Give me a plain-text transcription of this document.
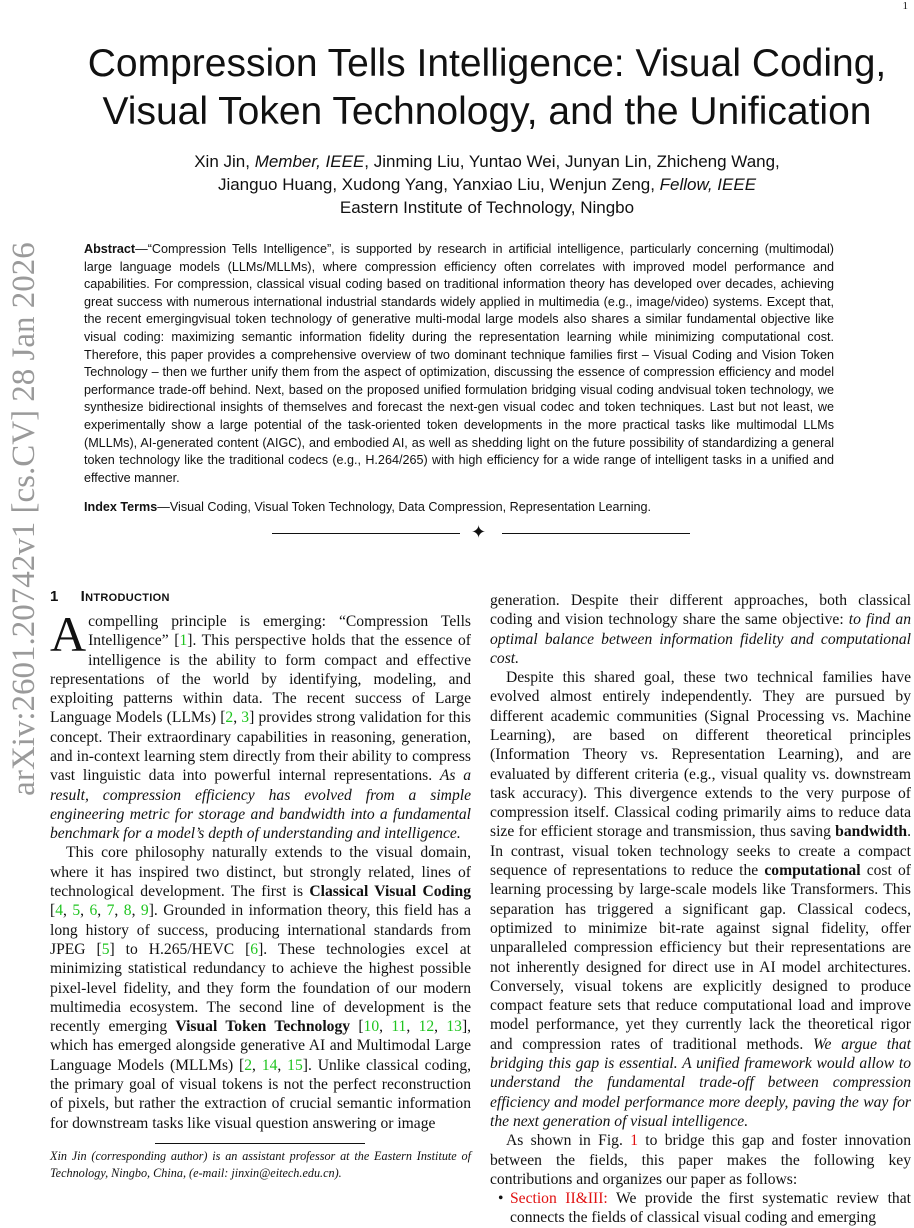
1
arXiv:2601.20742v1 [cs.CV] 28 Jan 2026
Compression Tells Intelligence: Visual Coding,
Visual Token Technology, and the Unification
Xin Jin, Member, IEEE, Jinming Liu, Yuntao Wei, Junyan Lin, Zhicheng Wang,
Jianguo Huang, Xudong Yang, Yanxiao Liu, Wenjun Zeng, Fellow, IEEE
Eastern Institute of Technology, Ningbo
Abstract—“Compression Tells Intelligence”, is supported by research in artificial intelligence, particularly concerning (multimodal) large language models (LLMs/MLLMs), where compression efficiency often correlates with improved model performance and capabilities. For compression, classical visual coding based on traditional information theory has developed over decades, achieving great success with numerous international industrial standards widely applied in multimedia (e.g., image/video) systems. Except that, the recent emergingvisual token technology of generative multi-modal large models also shares a similar fundamental objective like visual coding: maximizing semantic information fidelity during the representation learning while minimizing computational cost. Therefore, this paper provides a comprehensive overview of two dominant technique families first – Visual Coding and Vision Token Technology – then we further unify them from the aspect of optimization, discussing the essence of compression efficiency and model performance trade-off behind. Next, based on the proposed unified formulation bridging visual coding andvisual token technology, we synthesize bidirectional insights of themselves and forecast the next-gen visual codec and token techniques. Last but not least, we experimentally show a large potential of the task-oriented token developments in the more practical tasks like multimodal LLMs (MLLMs), AI-generated content (AIGC), and embodied AI, as well as shedding light on the future possibility of standardizing a general token technology like the traditional codecs (e.g., H.264/265) with high efficiency for a wide range of intelligent tasks in a unified and effective manner.
Index Terms—Visual Coding, Visual Token Technology, Data Compression, Representation Learning.
✦
1 Introduction

Acompelling principle is emerging: “Compression Tells Intelligence” [1]. This perspective holds that the essence of intelligence is the ability to form compact and effective representations of the world by identifying, modeling, and exploiting patterns within data. The recent success of Large Language Models (LLMs) [2, 3] provides strong validation for this concept. Their extraordinary capabilities in reasoning, generation, and in-context learning stem directly from their ability to compress vast linguistic data into powerful internal representations. As a result, compression efficiency has evolved from a simple engineering metric for storage and bandwidth into a fundamental benchmark for a model’s depth of understanding and intelligence.

This core philosophy naturally extends to the visual domain, where it has inspired two distinct, but strongly related, lines of technological development. The first is Classical Visual Coding [4, 5, 6, 7, 8, 9]. Grounded in information theory, this field has a long history of success, producing international standards from JPEG [5] to H.265/HEVC [6]. These technologies excel at minimizing statistical redundancy to achieve the highest possible pixel-level fidelity, and they form the foundation of our modern multimedia ecosystem. The second line of development is the recently emerging Visual Token Technology [10, 11, 12, 13], which has emerged alongside generative AI and Multimodal Large Language Models (MLLMs) [2, 14, 15]. Unlike classical coding, the primary goal of visual tokens is not the perfect reconstruction of pixels, but rather the extraction of crucial semantic information for downstream tasks like visual question answering or image

Xin Jin (corresponding author) is an assistant professor at the Eastern Institute of Technology, Ningbo, China, (e-mail: jinxin@eitech.edu.cn).

generation. Despite their different approaches, both classical coding and vision technology share the same objective: to find an optimal balance between information fidelity and computational cost.

Despite this shared goal, these two technical families have evolved almost entirely independently. They are pursued by different academic communities (Signal Processing vs. Machine Learning), are based on different theoretical principles (Information Theory vs. Representation Learning), and are evaluated by different criteria (e.g., visual quality vs. downstream task accuracy). This divergence extends to the very purpose of compression itself. Classical coding primarily aims to reduce data size for efficient storage and transmission, thus saving bandwidth. In contrast, visual token technology seeks to create a compact sequence of representations to reduce the computational cost of learning processing by large-scale models like Transformers. This separation has triggered a significant gap. Classical codecs, optimized to minimize bit-rate against signal fidelity, offer unparalleled compression efficiency but their representations are not inherently designed for direct use in AI model architectures. Conversely, visual tokens are explicitly designed to produce compact feature sets that reduce computational load and improve model performance, yet they currently lack the theoretical rigor and compression rates of traditional methods. We argue that bridging this gap is essential. A unified framework would allow to understand the fundamental trade-off between compression efficiency and model performance more deeply, paving the way for the next generation of visual intelligence.

As shown in Fig. 1 to bridge this gap and foster innovation between the fields, this paper makes the following key contributions and organizes our paper as follows:

• Section II&III: We provide the first systematic review that connects the fields of classical visual coding and emerging
